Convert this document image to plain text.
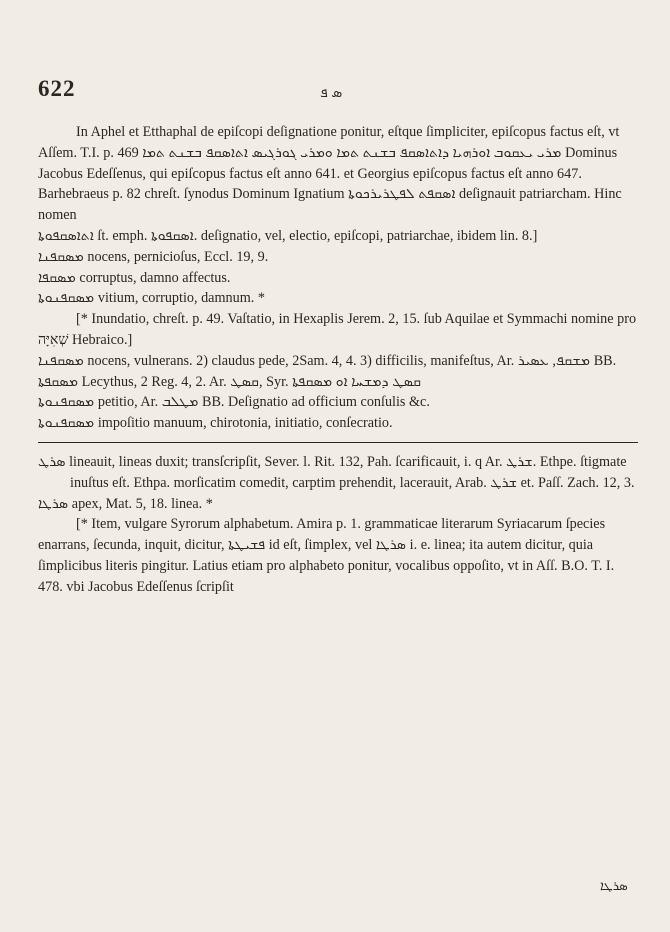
622	ܣ ܦ

In Aphel et Etthaphal de epiſcopi deſignatione ponitur, eſtque ſimpliciter, epiſcopus factus eſt, vt Aſſem. T.I. p. 469 ܡܪܝ ܝܥܩܘܒ ܐܘܪܗܝܐ ܕܐܬܐܣܩܦ ܒܫܢܬ ܬܡܐ ܘܡܪܝ ܓܘܪܓܝܣ ܐܬܐܣܩܦ ܒܫܢܬ ܬܡܐ Dominus Jacobus Edeſſenus, qui epiſcopus factus eſt anno 641. et Georgius epiſcopus factus eſt anno 647. Barhebraeus p. 82 chreſt. ſynodus Dominum Ignatium ܐܣܩܦܬ ܠܦܛܪܝܪܟܘܬܐ deſignauit patriarcham. Hinc nomen

ܐܬܐܣܩܦܘܬܐ ſt. emph. ܐܣܩܦܘܬܐ. deſignatio, vel, electio, epiſcopi, patriarchae, ibidem lin. 8.]

ܡܣܩܦܢܐ nocens, pernicioſus, Eccl. 19, 9.

ܡܣܩܦܐ corruptus, damno affectus.

ܡܣܩܦܢܘܬܐ vitium, corruptio, damnum. *

[* Inundatio, chreſt. p. 49. Vaſtatio, in Hexaplis Jerem. 2, 15. ſub Aquilae et Symmachi nomine pro שְׁאִיָּה Hebraico.]

ܡܣܩܦܢܐ nocens, vulnerans. 2) claudus pede, 2Sam. 4, 4. 3) difficilis, manifeſtus, Ar. ܡܫܩܦ, ܥܣܝܪ BB.

ܡܣܩܦܬܐ Lecythus, 2 Reg. 4, 2. Ar. ܩܣܛ, Syr. ܩܣܛ ܕܡܫܚܐ ܐܘ ܡܣܩܦܬܐ

ܡܣܩܦܢܘܬܐ petitio, Ar. ܡܛܠܒ BB. Deſignatio ad officium conſulis &c.

ܡܣܩܦܢܘܬܐ impoſitio manuum, chirotonia, initiatio, conſecratio.

ܣܪܛ lineauit, lineas duxit; transſcripſit, Sever. l. Rit. 132, Pah. ſcarificauit, i. q Ar. ܫܪܛ. Ethpe. ſtigmate inuſtus eſt. Ethpa. morſicatim comedit, carptim prehendit, lacerauit, Arab. ܫܪܛ et. Paſſ. Zach. 12, 3.

ܣܪܛܐ apex, Mat. 5, 18. linea. *

[* Item, vulgare Syrorum alphabetum. Amira p. 1. grammaticae literarum Syriacarum ſpecies enarrans, ſecunda, inquit, dicitur, ܦܫܝܛܬܐ id eſt, ſimplex, vel ܣܪܛܐ i. e. linea; ita autem dicitur, quia ſimplicibus literis pingitur. Latius etiam pro alphabeto ponitur, vocalibus oppoſito, vt in Aſſ. B.O. T. I. 478. vbi Jacobus Edeſſenus ſcripſit

ܣܪܛܐ
